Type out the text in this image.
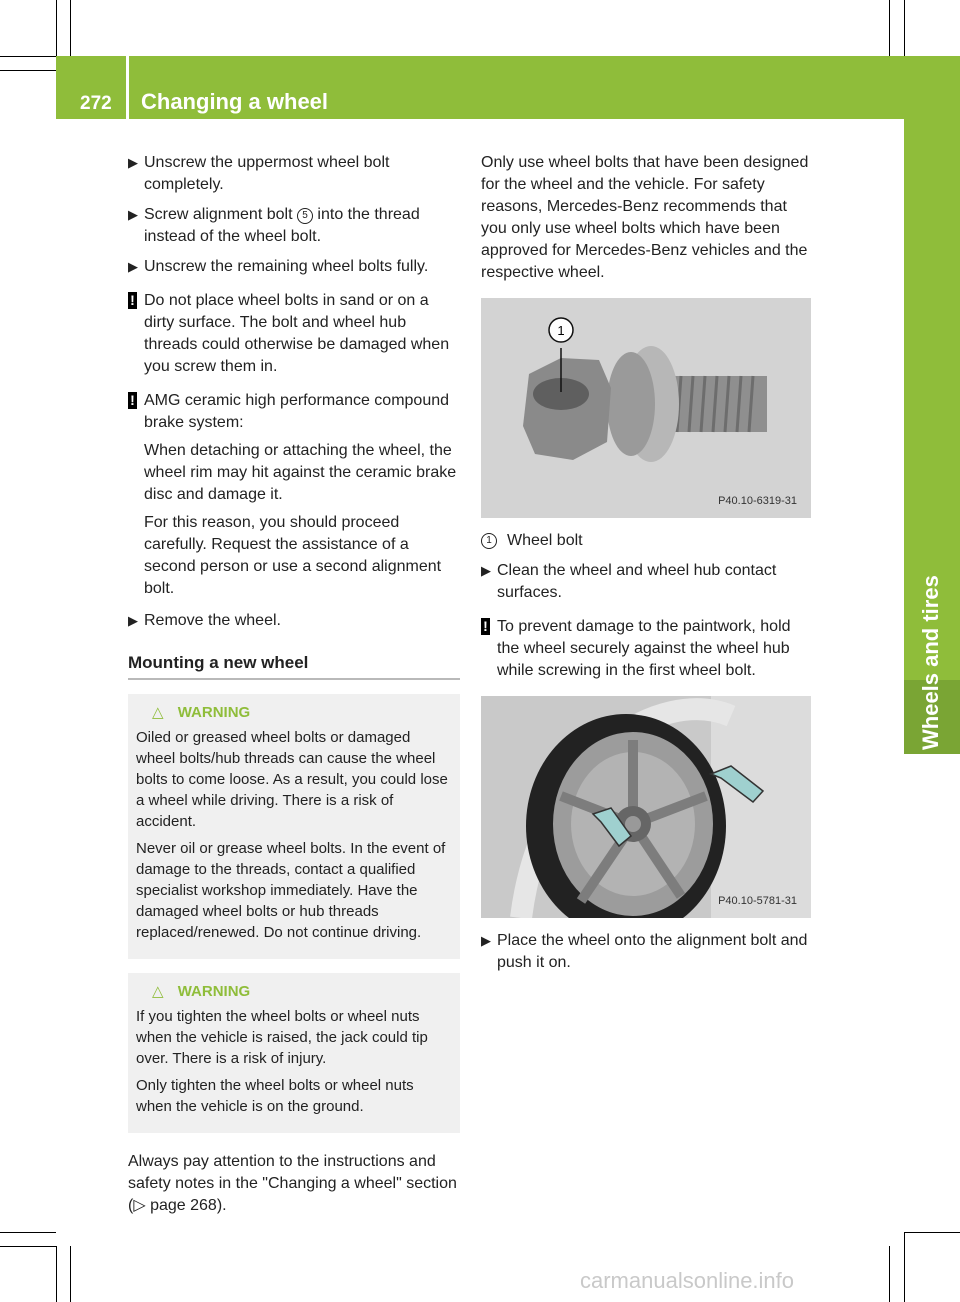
272 Changing a wheel
Wheels and tires
▶ Unscrew the uppermost wheel bolt completely.
▶ Screw alignment bolt 5 into the thread instead of the wheel bolt.
▶ Unscrew the remaining wheel bolts fully.
! Do not place wheel bolts in sand or on a dirty surface. The bolt and wheel hub threads could otherwise be damaged when you screw them in.

! AMG ceramic high performance compound brake system:

When detaching or attaching the wheel, the wheel rim may hit against the ceramic brake disc and damage it.

For this reason, you should proceed carefully. Request the assistance of a second person or use a second alignment bolt.

▶ Remove the wheel.
Mounting a new wheel
△ WARNING

Oiled or greased wheel bolts or damaged wheel bolts/hub threads can cause the wheel bolts to come loose. As a result, you could lose a wheel while driving. There is a risk of accident.

Never oil or grease wheel bolts. In the event of damage to the threads, contact a qualified specialist workshop immediately. Have the damaged wheel bolts or hub threads replaced/renewed. Do not continue driving.

△ WARNING

If you tighten the wheel bolts or wheel nuts when the vehicle is raised, the jack could tip over. There is a risk of injury.

Only tighten the wheel bolts or wheel nuts when the vehicle is on the ground.

Always pay attention to the instructions and safety notes in the "Changing a wheel" section (▷ page 268).

Only use wheel bolts that have been designed for the wheel and the vehicle. For safety reasons, Mercedes-Benz recommends that you only use wheel bolts which have been approved for Mercedes-Benz vehicles and the respective wheel.

1
P40.10-6319-31
1 Wheel bolt
▶ Clean the wheel and wheel hub contact surfaces.
! To prevent damage to the paintwork, hold the wheel securely against the wheel hub while screwing in the first wheel bolt.

P40.10-5781-31
▶ Place the wheel onto the alignment bolt and push it on.
carmanualsonline.info
